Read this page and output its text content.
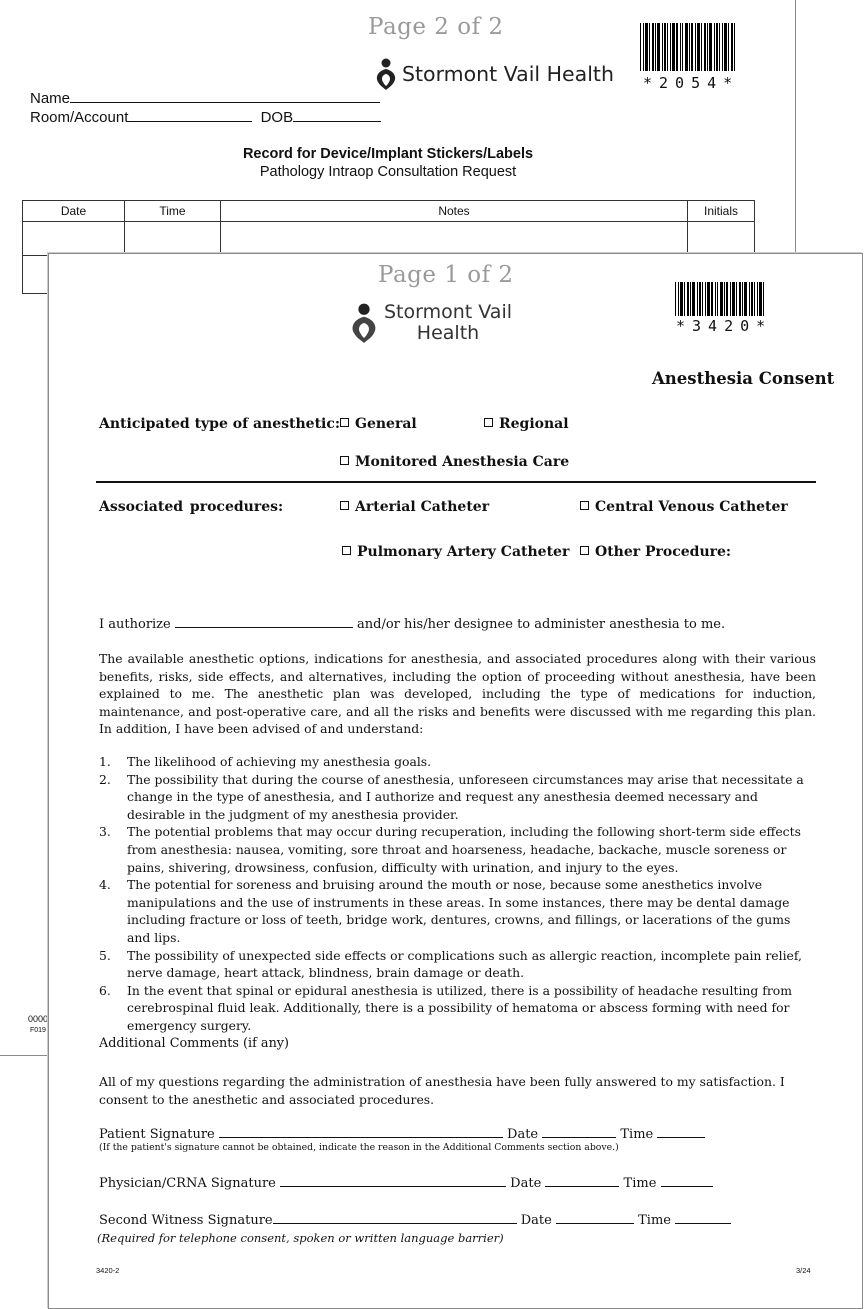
Page 2 of 2
Stormont Vail Health *2054*
Name
Room/Account	DOB
Record for Device/Implant Stickers/Labels
Pathology Intraop Consultation Request
Date	Time	Notes	Initials

0000
F019
Page 1 of 2
Stormont Vail
Health	*3420*
Anesthesia Consent
Anticipated type of anesthetic:	General	Regional
Monitored Anesthesia Care
Associated procedures:	Arterial Catheter	Central Venous Catheter
Pulmonary Artery Catheter	Other Procedure:
I authorize	and/or his/her designee to administer anesthesia to me.
The available anesthetic options, indications for anesthesia, and associated procedures along with their various benefits, risks, side effects, and alternatives, including the option of proceeding without anesthesia, have been explained to me. The anesthetic plan was developed, including the type of medications for induction, maintenance, and post-operative care, and all the risks and benefits were discussed with me regarding this plan. In addition, I have been advised of and understand:
1. The likelihood of achieving my anesthesia goals.
2. The possibility that during the course of anesthesia, unforeseen circumstances may arise that necessitate a change in the type of anesthesia, and I authorize and request any anesthesia deemed necessary and desirable in the judgment of my anesthesia provider.
3. The potential problems that may occur during recuperation, including the following short-term side effects from anesthesia: nausea, vomiting, sore throat and hoarseness, headache, backache, muscle soreness or pains, shivering, drowsiness, confusion, difficulty with urination, and injury to the eyes.
4. The potential for soreness and bruising around the mouth or nose, because some anesthetics involve manipulations and the use of instruments in these areas. In some instances, there may be dental damage including fracture or loss of teeth, bridge work, dentures, crowns, and fillings, or lacerations of the gums and lips.
5. The possibility of unexpected side effects or complications such as allergic reaction, incomplete pain relief, nerve damage, heart attack, blindness, brain damage or death.
6. In the event that spinal or epidural anesthesia is utilized, there is a possibility of headache resulting from cerebrospinal fluid leak. Additionally, there is a possibility of hematoma or abscess forming with need for emergency surgery.
Additional Comments (if any)
All of my questions regarding the administration of anesthesia have been fully answered to my satisfaction. I consent to the anesthetic and associated procedures.
Patient Signature	Date	Time
(If the patient's signature cannot be obtained, indicate the reason in the Additional Comments section above.)
Physician/CRNA Signature	Date	Time
Second Witness Signature	Date	Time
(Required for telephone consent, spoken or written language barrier)
3420-2	3/24
